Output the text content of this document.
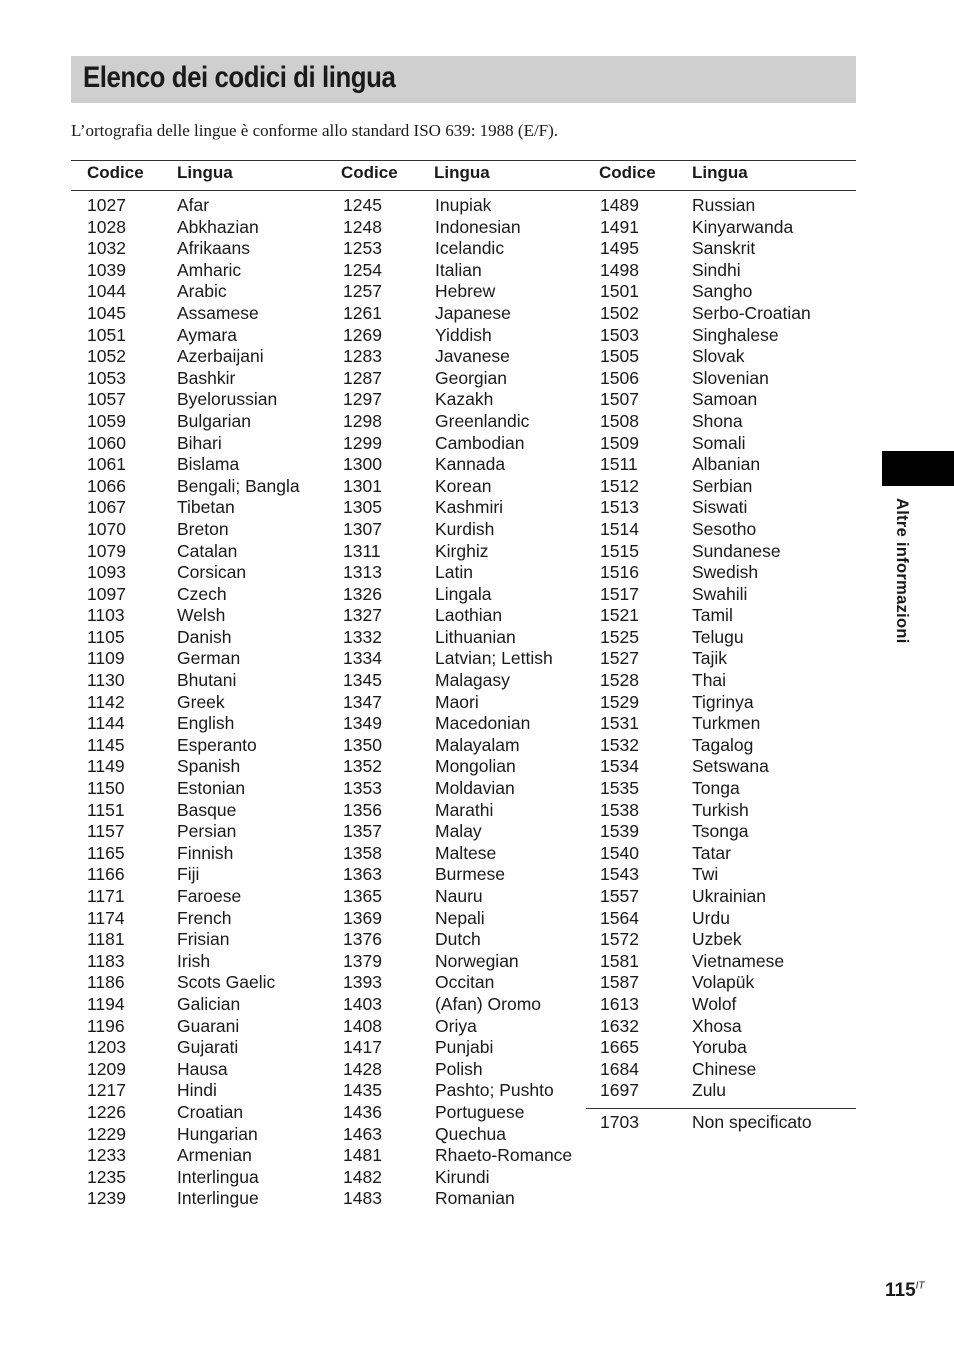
Elenco dei codici di lingua
L’ortografia delle lingue è conforme allo standard ISO 639: 1988 (E/F).
Codice Lingua	Codice Lingua	Codice Lingua
1027	Afar
1028	Abkhazian
1032	Afrikaans
1039	Amharic
1044	Arabic
1045	Assamese
1051	Aymara
1052	Azerbaijani
1053	Bashkir
1057	Byelorussian
1059	Bulgarian
1060	Bihari
1061	Bislama
1066	Bengali; Bangla
1067	Tibetan
1070	Breton
1079	Catalan
1093	Corsican
1097	Czech
1103	Welsh
1105	Danish
1109	German
1130	Bhutani
1142	Greek
1144	English
1145	Esperanto
1149	Spanish
1150	Estonian
1151	Basque
1157	Persian
1165	Finnish
1166	Fiji
1171	Faroese
1174	French
1181	Frisian
1183	Irish
1186	Scots Gaelic
1194	Galician
1196	Guarani
1203	Gujarati
1209	Hausa
1217	Hindi
1226	Croatian
1229	Hungarian
1233	Armenian
1235	Interlingua
1239	Interlingue
1245	Inupiak
1248	Indonesian
1253	Icelandic
1254	Italian
1257	Hebrew
1261	Japanese
1269	Yiddish
1283	Javanese
1287	Georgian
1297	Kazakh
1298	Greenlandic
1299	Cambodian
1300	Kannada
1301	Korean
1305	Kashmiri
1307	Kurdish
1311	Kirghiz
1313	Latin
1326	Lingala
1327	Laothian
1332	Lithuanian
1334	Latvian; Lettish
1345	Malagasy
1347	Maori
1349	Macedonian
1350	Malayalam
1352	Mongolian
1353	Moldavian
1356	Marathi
1357	Malay
1358	Maltese
1363	Burmese
1365	Nauru
1369	Nepali
1376	Dutch
1379	Norwegian
1393	Occitan
1403	(Afan) Oromo
1408	Oriya
1417	Punjabi
1428	Polish
1435	Pashto; Pushto
1436	Portuguese
1463	Quechua
1481	Rhaeto-Romance
1482	Kirundi
1483	Romanian
1489	Russian
1491	Kinyarwanda
1495	Sanskrit
1498	Sindhi
1501	Sangho
1502	Serbo-Croatian
1503	Singhalese
1505	Slovak
1506	Slovenian
1507	Samoan
1508	Shona
1509	Somali
1511	Albanian
1512	Serbian
1513	Siswati
1514	Sesotho
1515	Sundanese
1516	Swedish
1517	Swahili
1521	Tamil
1525	Telugu
1527	Tajik
1528	Thai
1529	Tigrinya
1531	Turkmen
1532	Tagalog
1534	Setswana
1535	Tonga
1538	Turkish
1539	Tsonga
1540	Tatar
1543	Twi
1557	Ukrainian
1564	Urdu
1572	Uzbek
1581	Vietnamese
1587	Volapük
1613	Wolof
1632	Xhosa
1665	Yoruba
1684	Chinese
1697	Zulu
1703	Non specificato
Altre informazioni
$115^{IT}$
